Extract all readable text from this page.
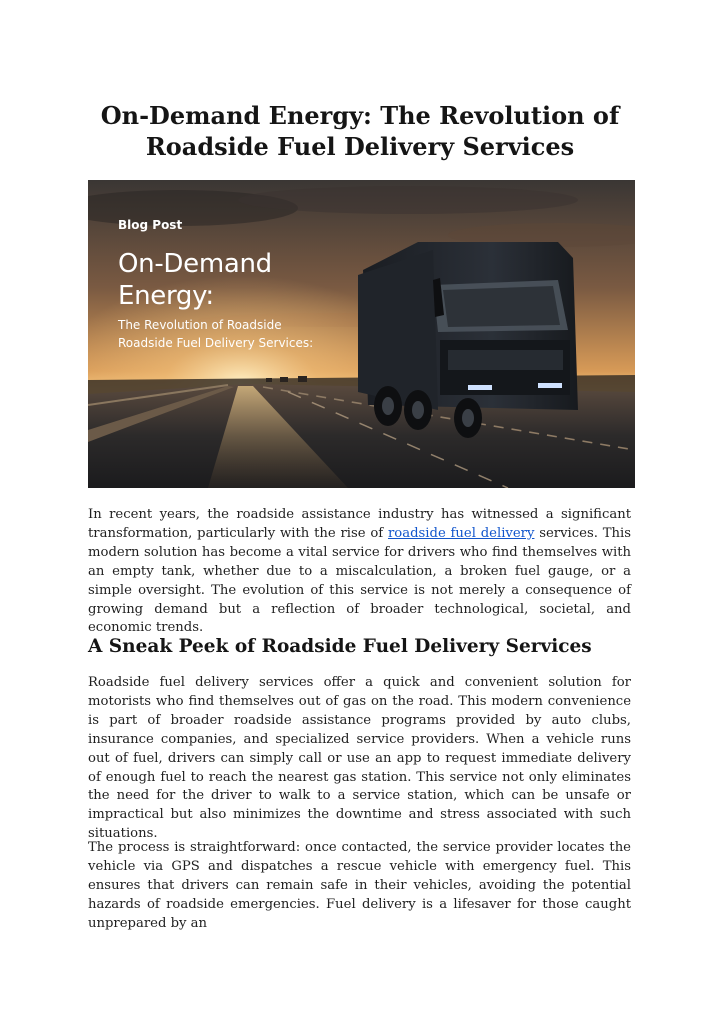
On-Demand Energy: The Revolution of
Roadside Fuel Delivery Services
Blog Post
On-Demand
Energy:
The Revolution of Roadside
Roadside Fuel Delivery Services:

In recent years, the roadside assistance industry has witnessed a significant transformation, particularly with the rise of roadside fuel delivery services. This modern solution has become a vital service for drivers who find themselves with an empty tank, whether due to a miscalculation, a broken fuel gauge, or a simple oversight. The evolution of this service is not merely a consequence of growing demand but a reflection of broader technological, societal, and economic trends.

A Sneak Peek of Roadside Fuel Delivery Services

Roadside fuel delivery services offer a quick and convenient solution for motorists who find themselves out of gas on the road. This modern convenience is part of broader roadside assistance programs provided by auto clubs, insurance companies, and specialized service providers. When a vehicle runs out of fuel, drivers can simply call or use an app to request immediate delivery of enough fuel to reach the nearest gas station. This service not only eliminates the need for the driver to walk to a service station, which can be unsafe or impractical but also minimizes the downtime and stress associated with such situations.

The process is straightforward: once contacted, the service provider locates the vehicle via GPS and dispatches a rescue vehicle with emergency fuel. This ensures that drivers can remain safe in their vehicles, avoiding the potential hazards of roadside emergencies. Fuel delivery is a lifesaver for those caught unprepared by an
